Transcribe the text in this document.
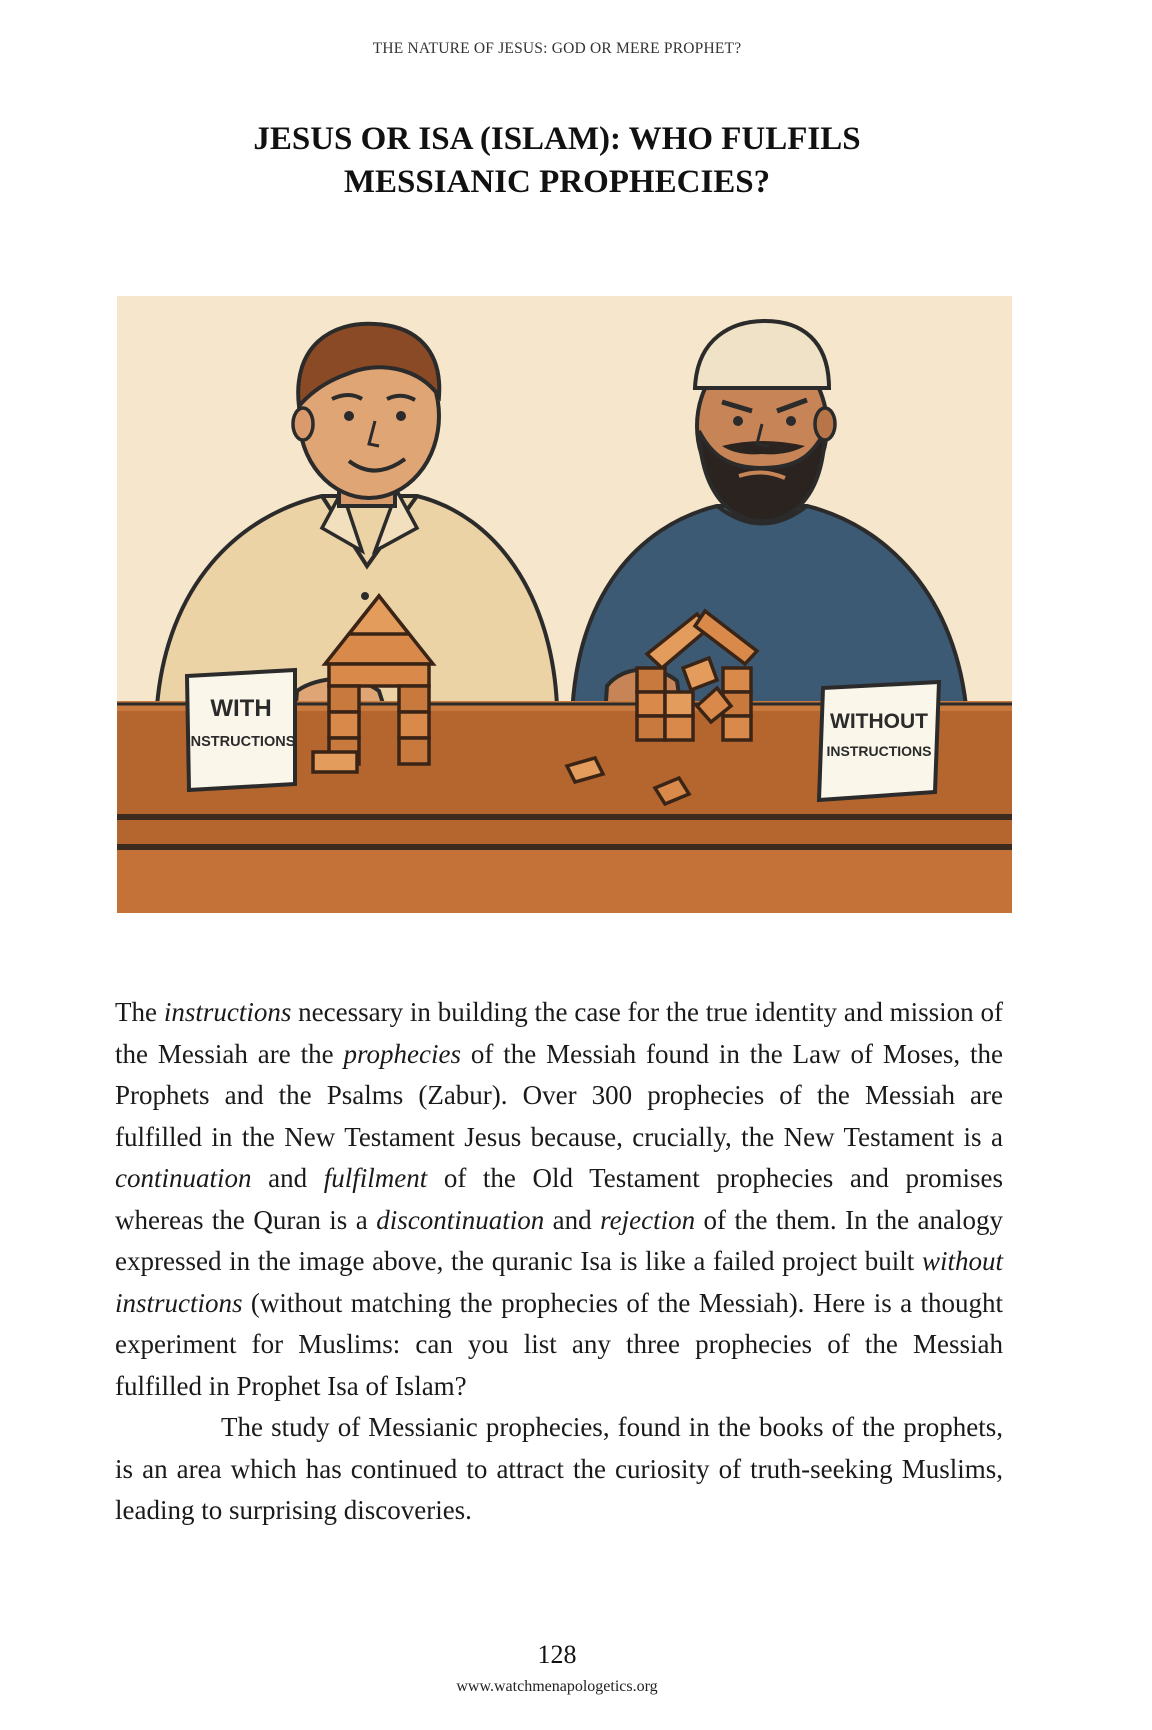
THE NATURE OF JESUS: GOD OR MERE PROPHET?
JESUS OR ISA (ISLAM): WHO FULFILS
MESSIANIC PROPHECIES?
WITH
INSTRUCTIONS
WITHOUT
INSTRUCTIONS

The instructions necessary in building the case for the true identity and mission of the Messiah are the prophecies of the Messiah found in the Law of Moses, the Prophets and the Psalms (Zabur). Over 300 prophecies of the Messiah are fulfilled in the New Testament Jesus because, crucially, the New Testament is a continuation and fulfilment of the Old Testament prophecies and promises whereas the Quran is a discontinuation and rejection of the them. In the analogy expressed in the image above, the quranic Isa is like a failed project built without instructions (without matching the prophecies of the Messiah). Here is a thought experiment for Muslims: can you list any three prophecies of the Messiah fulfilled in Prophet Isa of Islam?

The study of Messianic prophecies, found in the books of the prophets, is an area which has continued to attract the curiosity of truth-seeking Muslims, leading to surprising discoveries.

128
www.watchmenapologetics.org
